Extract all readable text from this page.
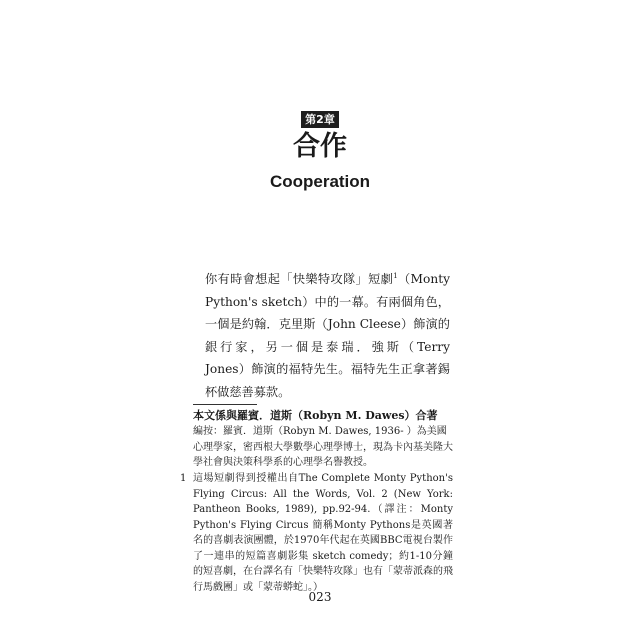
第2章
合作
Cooperation

你有時會想起「快樂特攻隊」短劇$^1$（Monty Python's sketch）中的一幕。有兩個角色，一個是約翰．克里斯（John Cleese）飾演的銀行家，另一個是泰瑞．強斯（Terry Jones）飾演的福特先生。福特先生正拿著錫杯做慈善募款。

本文係與羅賓．道斯（Robyn M. Dawes）合著

編按：羅賓．道斯（Robyn M. Dawes, 1936- ）為美國心理學家，密西根大學數學心理學博士，現為卡內基美隆大學社會與決策科學系的心理學名譽教授。

1 這場短劇得到授權出自The Complete Monty Python's Flying Circus: All the Words, Vol. 2 (New York: Pantheon Books, 1989), pp.92-94.（譯注：Monty Python's Flying Circus 簡稱Monty Pythons是英國著名的喜劇表演團體，於1970年代起在英國BBC電視台製作了一連串的短篇喜劇影集 sketch comedy；約1-10分鐘的短喜劇，在台譯名有「快樂特攻隊」也有「蒙蒂派森的飛行馬戲團」或「蒙蒂蟒蛇」。）

023
